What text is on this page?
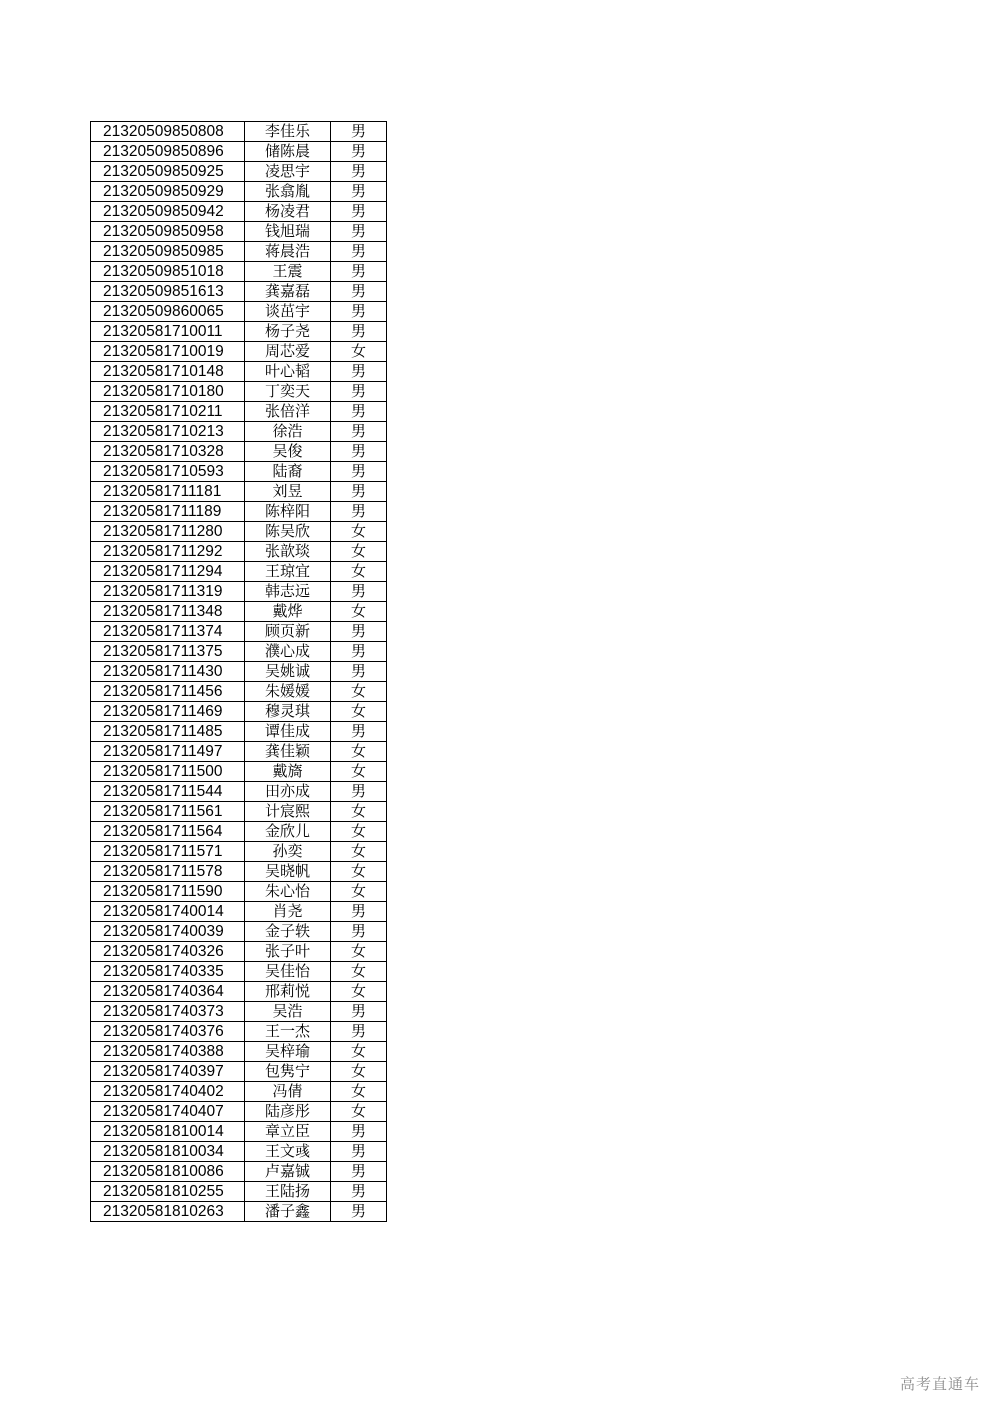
21320509850808	李佳乐	男
21320509850896	储陈晨	男
21320509850925	凌思宇	男
21320509850929	张翕胤	男
21320509850942	杨凌君	男
21320509850958	钱旭瑞	男
21320509850985	蒋晨浩	男
21320509851018	王震	男
21320509851613	龚嘉磊	男
21320509860065	谈茁宇	男
21320581710011	杨子尧	男
21320581710019	周芯爱	女
21320581710148	叶心韬	男
21320581710180	丁奕天	男
21320581710211	张倍洋	男
21320581710213	徐浩	男
21320581710328	吴俊	男
21320581710593	陆裔	男
21320581711181	刘昱	男
21320581711189	陈梓阳	男
21320581711280	陈吴欣	女
21320581711292	张歆琰	女
21320581711294	王琼宜	女
21320581711319	韩志远	男
21320581711348	戴烨	女
21320581711374	顾页新	男
21320581711375	濮心成	男
21320581711430	吴姚诚	男
21320581711456	朱媛媛	女
21320581711469	穆灵琪	女
21320581711485	谭佳成	男
21320581711497	龚佳颖	女
21320581711500	戴旖	女
21320581711544	田亦成	男
21320581711561	计宸熙	女
21320581711564	金欣儿	女
21320581711571	孙奕	女
21320581711578	吴晓帆	女
21320581711590	朱心怡	女
21320581740014	肖尧	男
21320581740039	金子轶	男
21320581740326	张子叶	女
21320581740335	吴佳怡	女
21320581740364	邢莉悦	女
21320581740373	吴浩	男
21320581740376	王一杰	男
21320581740388	吴梓瑜	女
21320581740397	包隽宁	女
21320581740402	冯倩	女
21320581740407	陆彦彤	女
21320581810014	章立臣	男
21320581810034	王文彧	男
21320581810086	卢嘉铖	男
21320581810255	王陆扬	男
21320581810263	潘子鑫	男
高考直通车
